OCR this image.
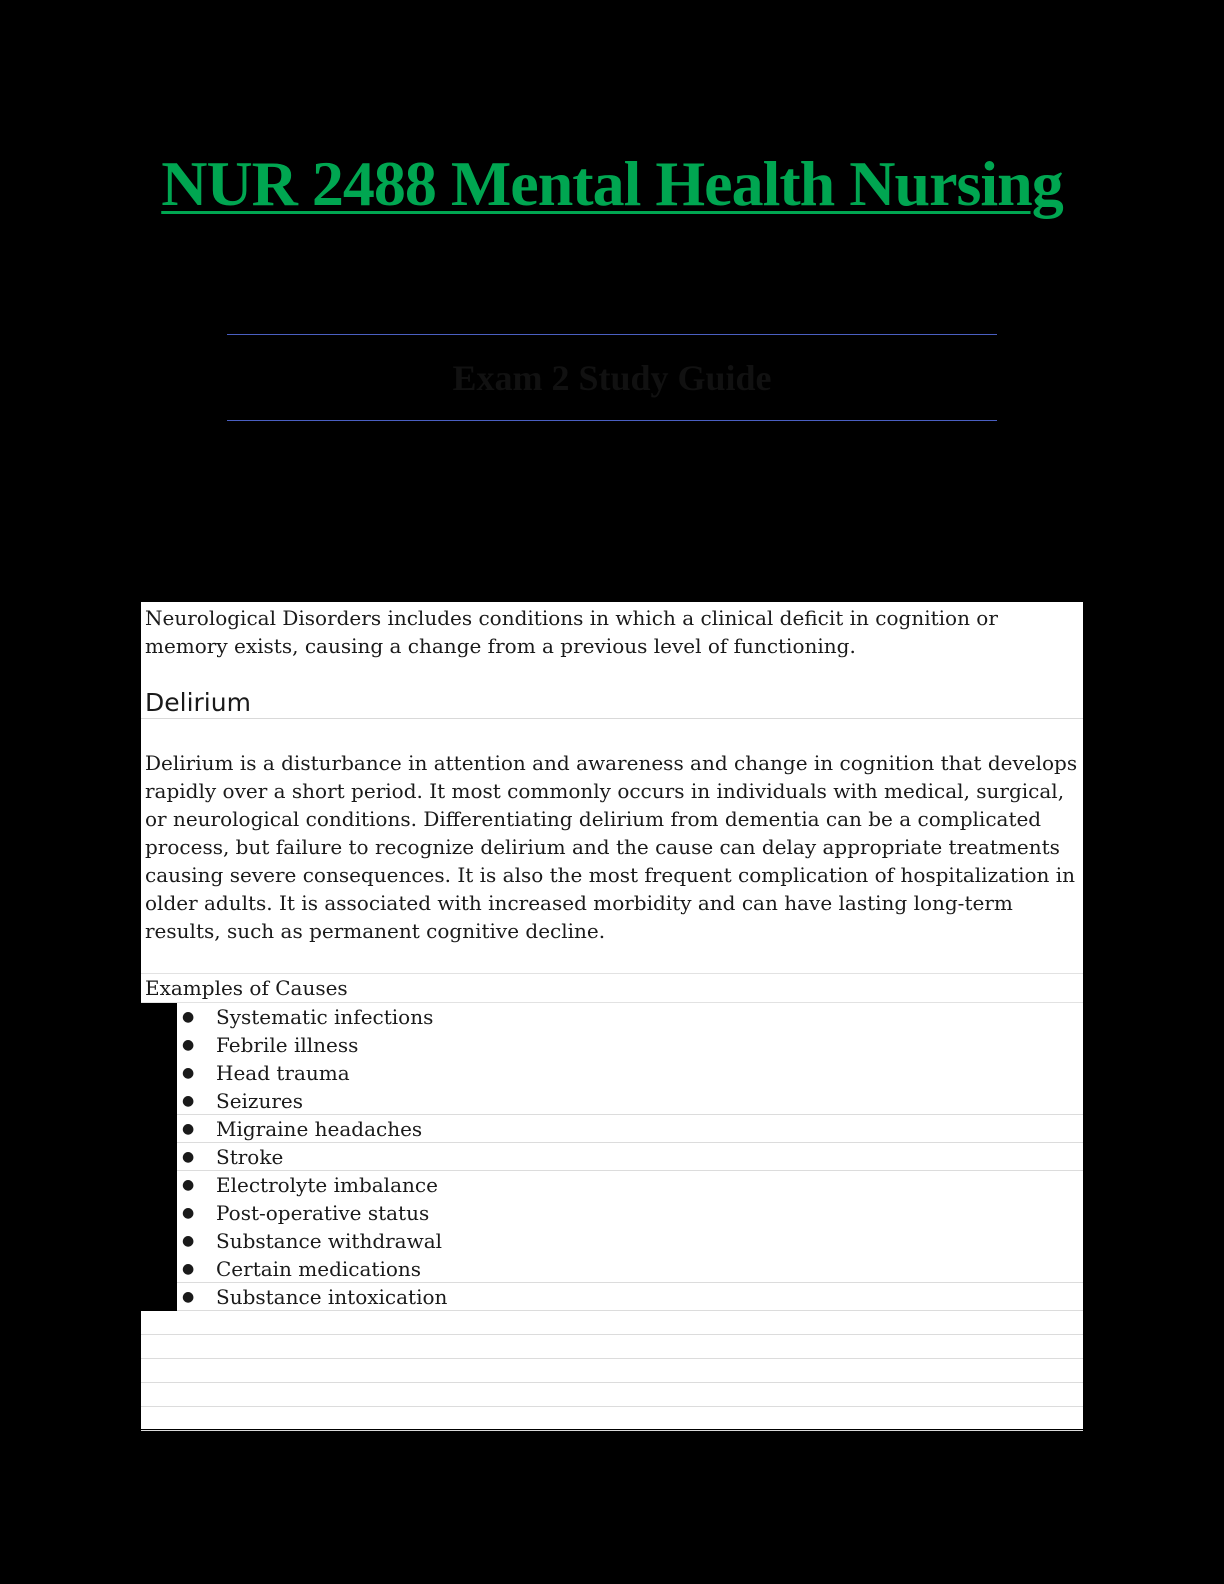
NUR 2488 Mental Health Nursing
Exam 2 Study Guide

Neurological Disorders includes conditions in which a clinical deficit in cognition or memory exists, causing a change from a previous level of functioning.

Delirium

Delirium is a disturbance in attention and awareness and change in cognition that develops rapidly over a short period. It most commonly occurs in individuals with medical, surgical, or neurological conditions. Differentiating delirium from dementia can be a complicated process, but failure to recognize delirium and the cause can delay appropriate treatments causing severe consequences. It is also the most frequent complication of hospitalization in older adults. It is associated with increased morbidity and can have lasting long-term results, such as permanent cognitive decline.

Examples of Causes

● Systematic infections
● Febrile illness
● Head trauma
● Seizures
● Migraine headaches
● Stroke
● Electrolyte imbalance
● Post-operative status
● Substance withdrawal
● Certain medications
● Substance intoxication
